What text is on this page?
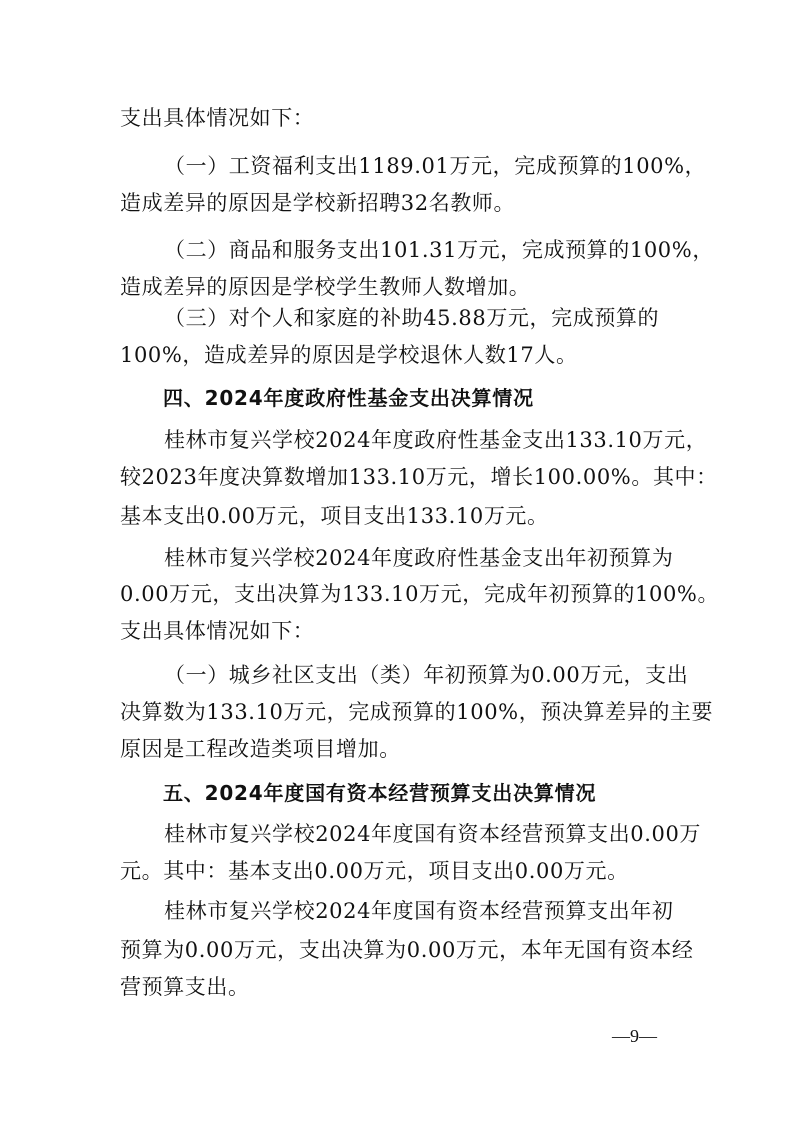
支出具体情况如下：
（一）工资福利支出1189.01万元，完成预算的100%，
造成差异的原因是学校新招聘32名教师。
（二）商品和服务支出101.31万元，完成预算的100%，
造成差异的原因是学校学生教师人数增加。
（三）对个人和家庭的补助45.88万元，完成预算的
100%，造成差异的原因是学校退休人数17人。
四、2024年度政府性基金支出决算情况
桂林市复兴学校2024年度政府性基金支出133.10万元，
较2023年度决算数增加133.10万元，增长100.00%。其中：
基本支出0.00万元，项目支出133.10万元。
桂林市复兴学校2024年度政府性基金支出年初预算为
0.00万元，支出决算为133.10万元，完成年初预算的100%。
支出具体情况如下：
（一）城乡社区支出（类）年初预算为0.00万元，支出
决算数为133.10万元，完成预算的100%，预决算差异的主要
原因是工程改造类项目增加。
五、2024年度国有资本经营预算支出决算情况
桂林市复兴学校2024年度国有资本经营预算支出0.00万
元。其中：基本支出0.00万元，项目支出0.00万元。
桂林市复兴学校2024年度国有资本经营预算支出年初
预算为0.00万元，支出决算为0.00万元，本年无国有资本经
营预算支出。
—9—
